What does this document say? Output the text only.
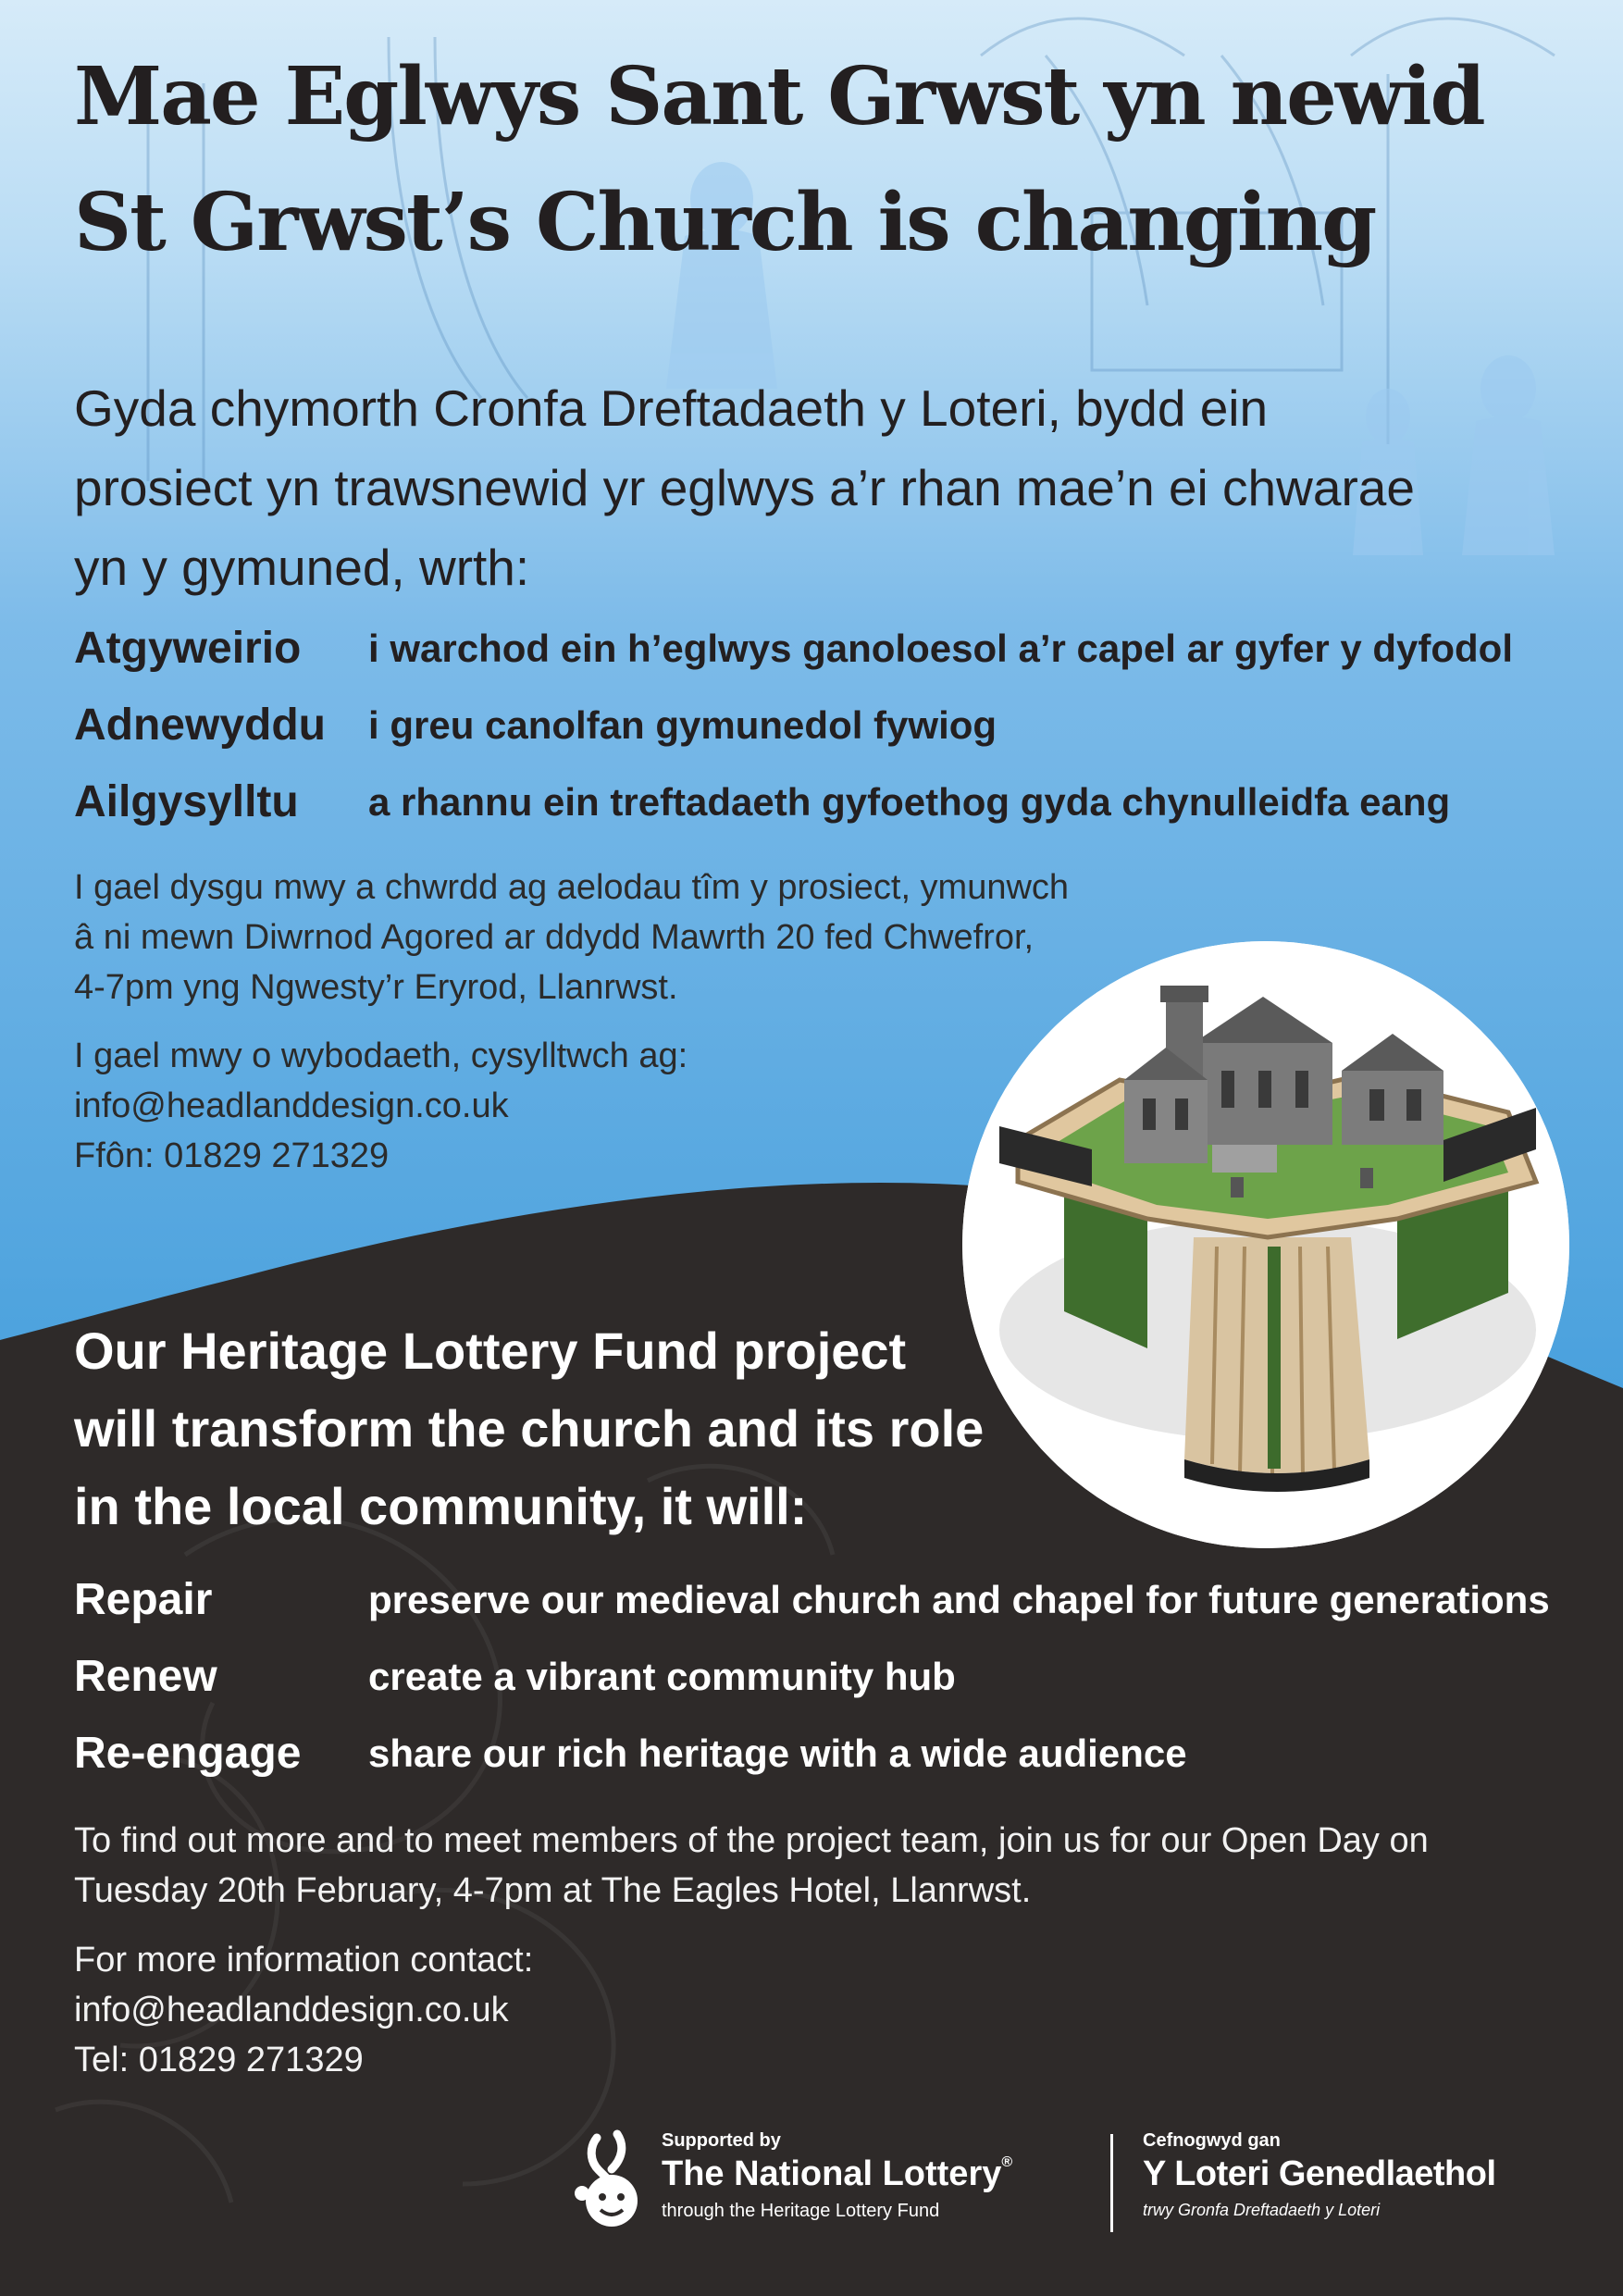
Mae Eglwys Sant Grwst yn newid
St Grwst’s Church is changing

Gyda chymorth Cronfa Dreftadaeth y Loteri, bydd ein
prosiect yn trawsnewid yr eglwys a’r rhan mae’n ei chwarae
yn y gymuned, wrth:

Atgyweirio i warchod ein h’eglwys ganoloesol a’r capel ar gyfer y dyfodol
Adnewyddu i greu canolfan gymunedol fywiog
Ailgysylltu a rhannu ein treftadaeth gyfoethog gyda chynulleidfa eang

I gael dysgu mwy a chwrdd ag aelodau tîm y prosiect, ymunwch
â ni mewn Diwrnod Agored ar ddydd Mawrth 20 fed Chwefror,
4-7pm yng Ngwesty’r Eryrod, Llanrwst.

I gael mwy o wybodaeth, cysylltwch ag:
info@headlanddesign.co.uk
Ffôn: 01829 271329

Our Heritage Lottery Fund project
will transform the church and its role
in the local community, it will:

Repair	preserve our medieval church and chapel for future generations
Renew	create a vibrant community hub
Re-engage share our rich heritage with a wide audience

To find out more and to meet members of the project team, join us for our Open Day on
Tuesday 20th February, 4-7pm at The Eagles Hotel, Llanrwst.

For more information contact:
info@headlanddesign.co.uk
Tel: 01829 271329

Supported by
The National Lottery®
through the Heritage Lottery Fund
Cefnogwyd gan
Y Loteri Genedlaethol
trwy Gronfa Dreftadaeth y Loteri
